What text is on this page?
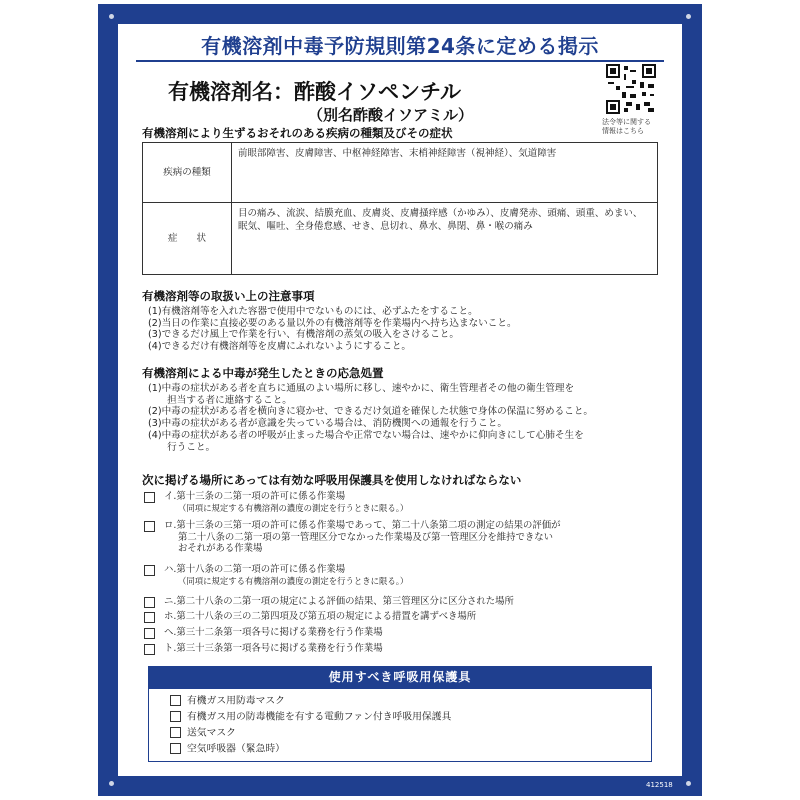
有機溶剤中毒予防規則第24条に定める掲示
有機溶剤名：酢酸イソペンチル
（別名酢酸イソアミル）	法令等に関する
情報はこちら
有機溶剤により生ずるおそれのある疾病の種類及びその症状
疾病の種類	前眼部障害、皮膚障害、中枢神経障害、末梢神経障害（視神経）、気道障害
症　　状	目の痛み、流涙、結膜充血、皮膚炎、皮膚掻痒感（かゆみ）、皮膚発赤、頭痛、頭重、めまい、
眠気、嘔吐、全身倦怠感、せき、息切れ、鼻水、鼻閉、鼻・喉の痛み
有機溶剤等の取扱い上の注意事項
(1)有機溶剤等を入れた容器で使用中でないものには、必ずふたをすること。
(2)当日の作業に直接必要のある量以外の有機溶剤等を作業場内へ持ち込まないこと。
(3)できるだけ風上で作業を行い、有機溶剤の蒸気の吸入をさけること。
(4)できるだけ有機溶剤等を皮膚にふれないようにすること。
有機溶剤による中毒が発生したときの応急処置
(1)中毒の症状がある者を直ちに通風のよい場所に移し、速やかに、衛生管理者その他の衛生管理を
　　担当する者に連絡すること。
(2)中毒の症状がある者を横向きに寝かせ、できるだけ気道を確保した状態で身体の保温に努めること。
(3)中毒の症状がある者が意識を失っている場合は、消防機関への通報を行うこと。
(4)中毒の症状がある者の呼吸が止まった場合や正常でない場合は、速やかに仰向きにして心肺そ生を
　　行うこと。
次に掲げる場所にあっては有効な呼吸用保護具を使用しなければならない
イ.第十三条の二第一項の許可に係る作業場
（同項に規定する有機溶剤の濃度の測定を行うときに限る。）
ロ.第十三条の三第一項の許可に係る作業場であって、第二十八条第二項の測定の結果の評価が
第二十八条の二第一項の第一管理区分でなかった作業場及び第一管理区分を維持できない
おそれがある作業場
ハ.第十八条の二第一項の許可に係る作業場
（同項に規定する有機溶剤の濃度の測定を行うときに限る。）
ニ.第二十八条の二第一項の規定による評価の結果、第三管理区分に区分された場所
ホ.第二十八条の三の二第四項及び第五項の規定による措置を講ずべき場所
ヘ.第三十二条第一項各号に掲げる業務を行う作業場
ト.第三十三条第一項各号に掲げる業務を行う作業場
使用すべき呼吸用保護具
有機ガス用防毒マスク
有機ガス用の防毒機能を有する電動ファン付き呼吸用保護具
送気マスク
空気呼吸器（緊急時）
412518
